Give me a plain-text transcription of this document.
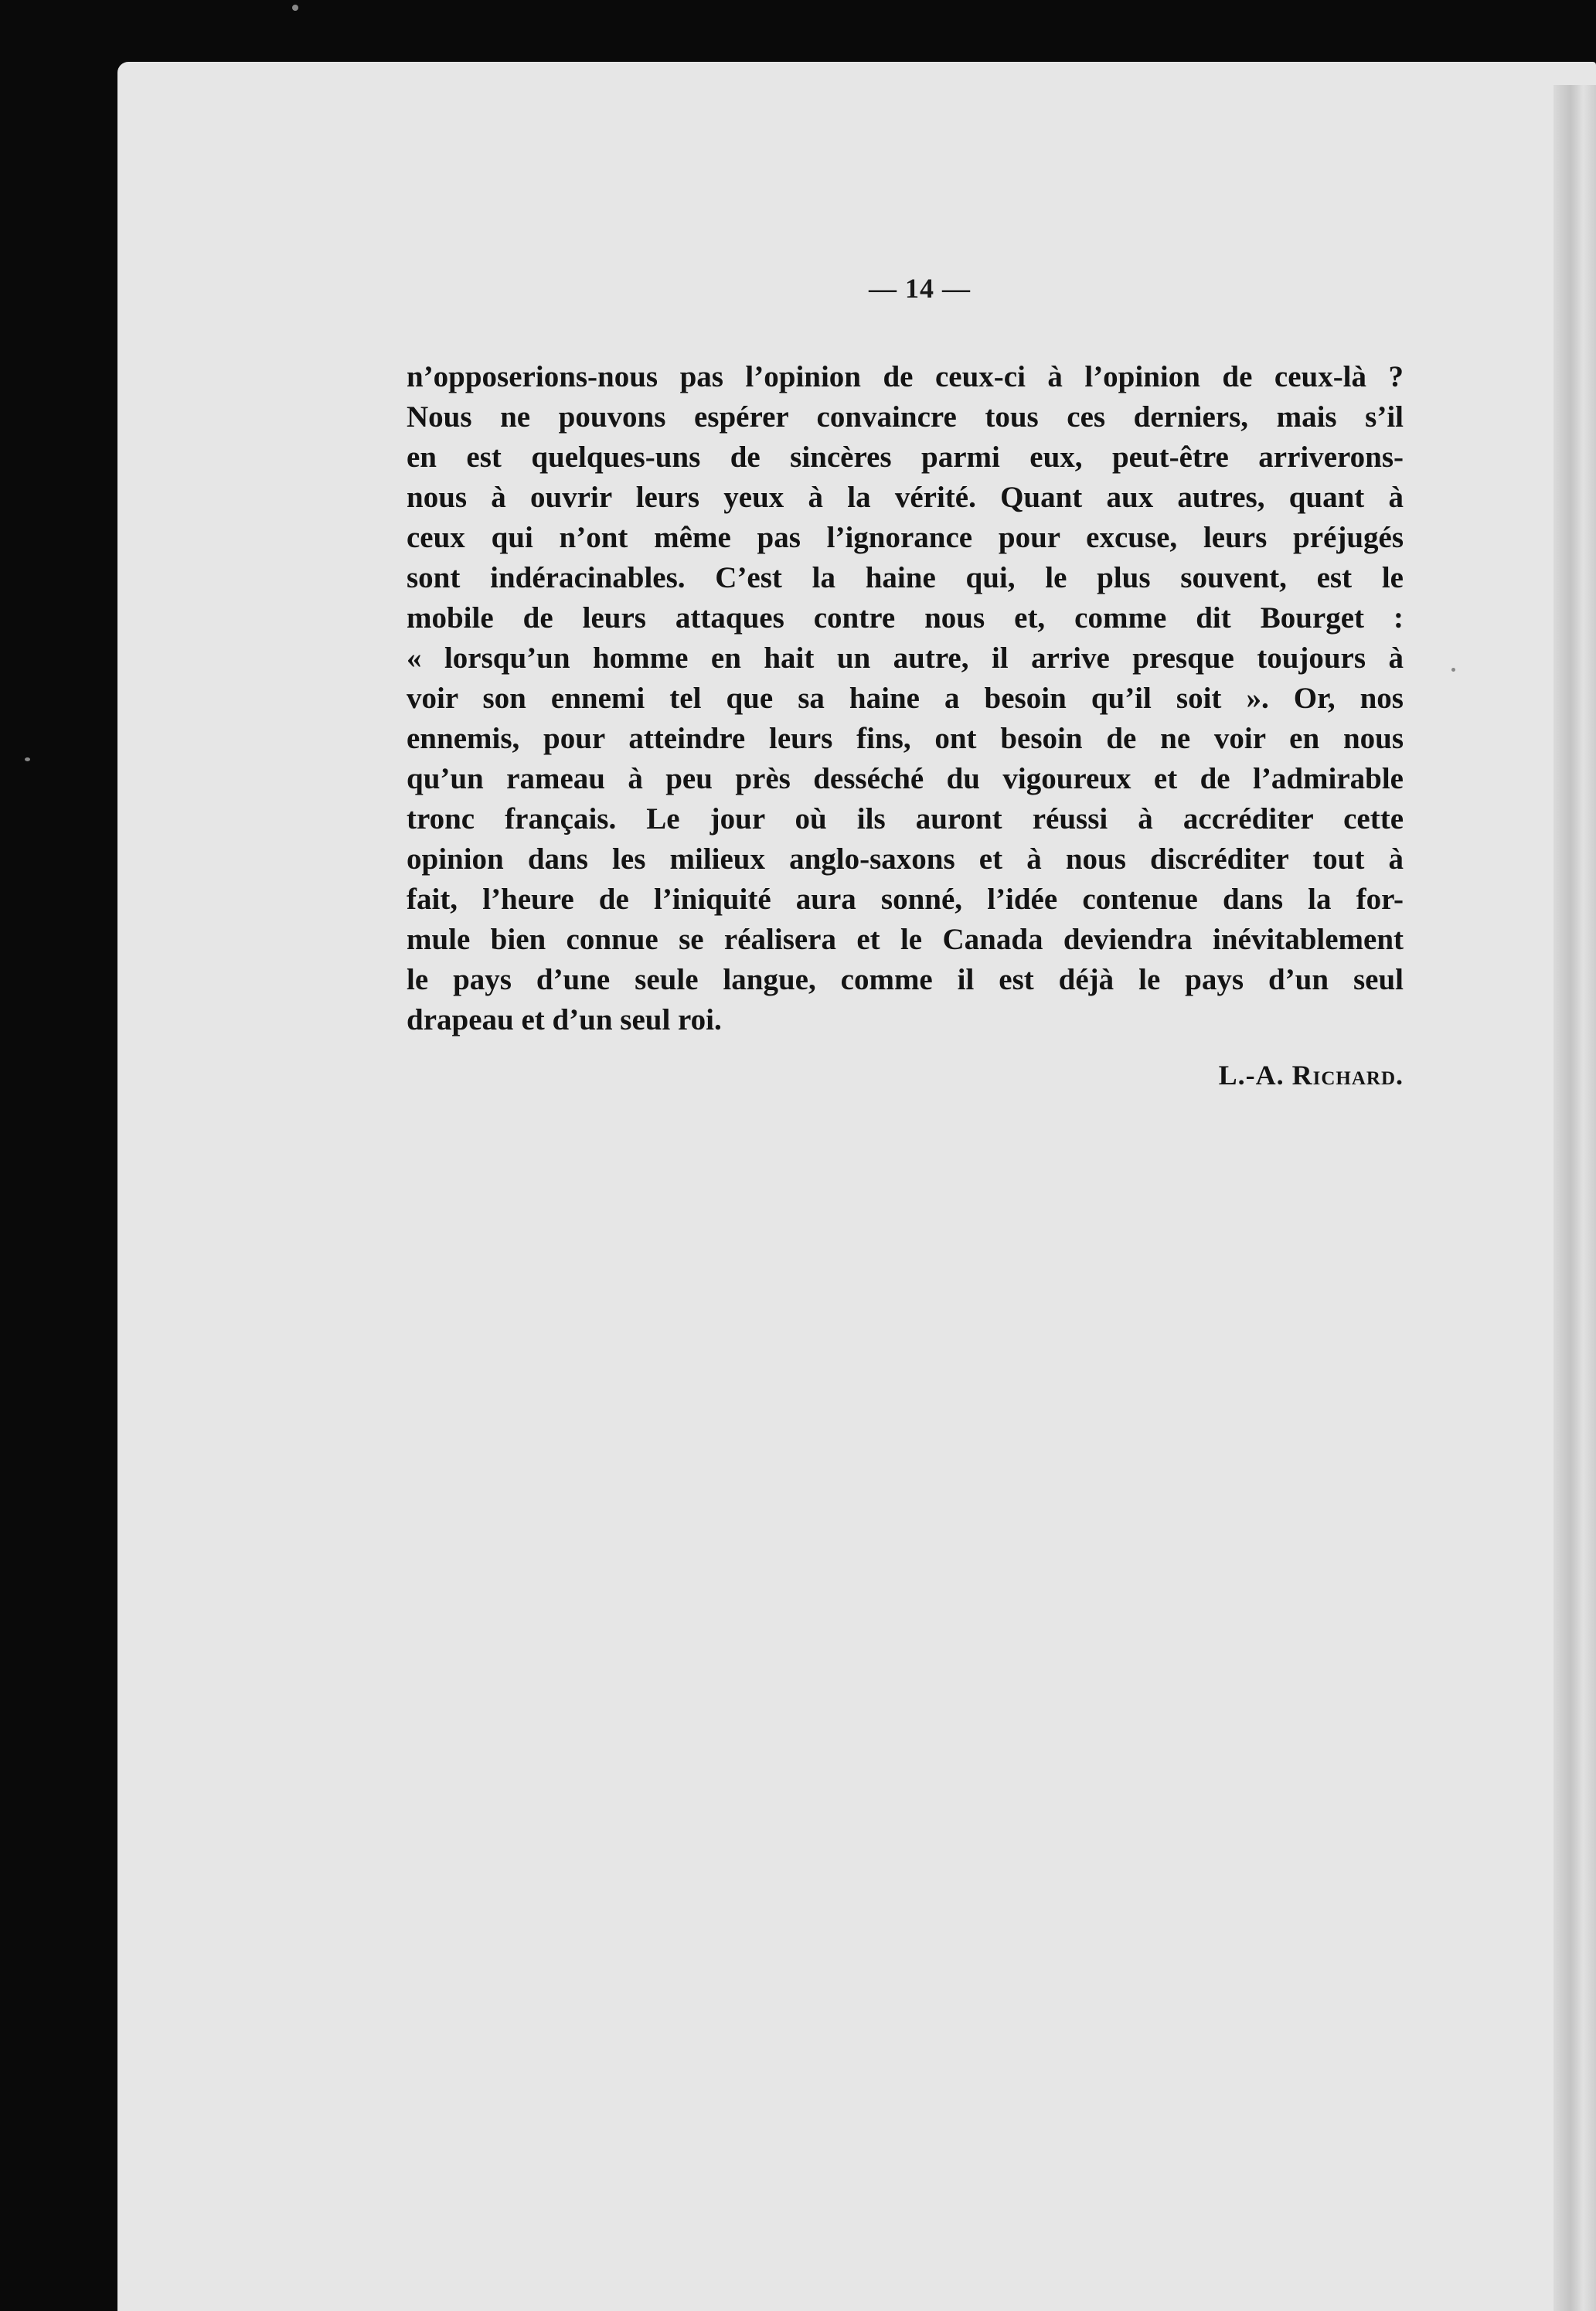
— 14 —
n’opposerions-nous pas l’opinion de ceux-ci à l’opinion de ceux-là ?
Nous ne pouvons espérer convaincre tous ces derniers, mais s’il
en est quelques-uns de sincères parmi eux, peut-être arriverons-
nous à ouvrir leurs yeux à la vérité. Quant aux autres, quant à
ceux qui n’ont même pas l’ignorance pour excuse, leurs préjugés
sont indéracinables. C’est la haine qui, le plus souvent, est le
mobile de leurs attaques contre nous et, comme dit Bourget :
« lorsqu’un homme en hait un autre, il arrive presque toujours à
voir son ennemi tel que sa haine a besoin qu’il soit ». Or, nos
ennemis, pour atteindre leurs fins, ont besoin de ne voir en nous
qu’un rameau à peu près desséché du vigoureux et de l’admirable
tronc français. Le jour où ils auront réussi à accréditer cette
opinion dans les milieux anglo-saxons et à nous discréditer tout à
fait, l’heure de l’iniquité aura sonné, l’idée contenue dans la for-
mule bien connue se réalisera et le Canada deviendra inévitablement
le pays d’une seule langue, comme il est déjà le pays d’un seul
drapeau et d’un seul roi.
L.-A. Richard.
